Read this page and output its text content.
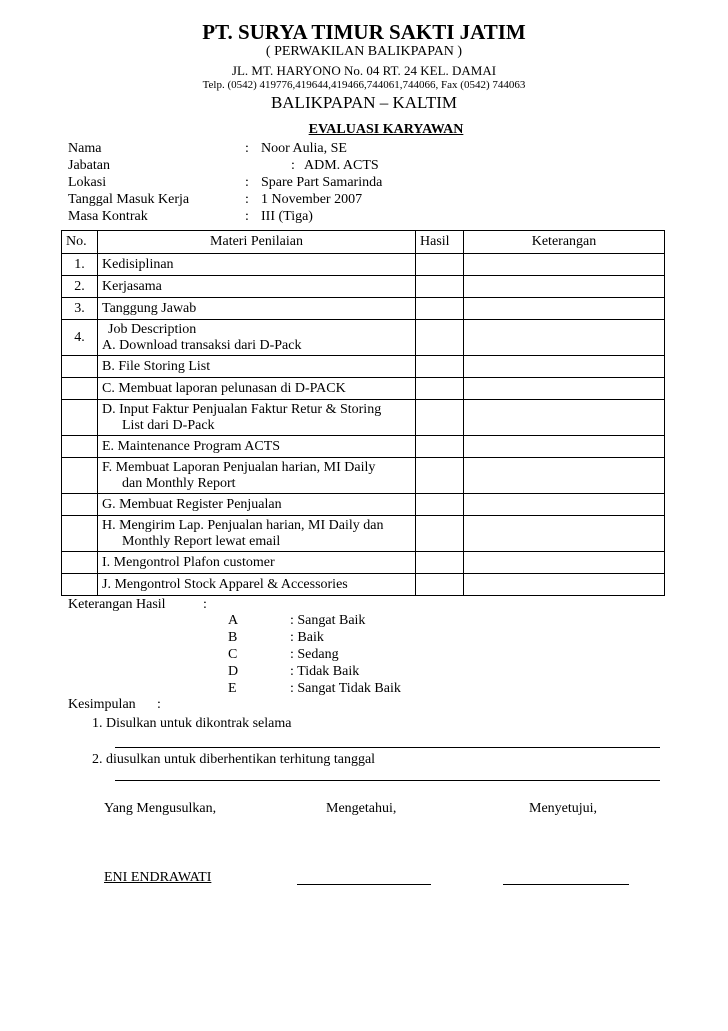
PT. SURYA TIMUR SAKTI JATIM
( PERWAKILAN BALIKPAPAN )
JL. MT. HARYONO No. 04 RT. 24 KEL. DAMAI
Telp. (0542) 419776,419644,419466,744061,744066, Fax (0542) 744063
BALIKPAPAN – KALTIM
EVALUASI KARYAWAN
Nama	: Noor Aulia, SE
Jabatan	: ADM. ACTS
Lokasi	: Spare Part Samarinda
Tanggal Masuk Kerja	: 1 November 2007
Masa Kontrak	: III (Tiga)
No.	Materi Penilaian	Hasil	Keterangan
1.	Kedisiplinan		
2.	Kerjasama		
3.	Tanggung Jawab		
4.	Job Description
A. Download transaksi dari D-Pack		

	B. File Storing List		
	C. Membuat laporan pelunasan di D-PACK		

	D. Input Faktur Penjualan Faktur Retur & Storing
List dari D-Pack		

	E. Maintenance Program ACTS		

	F. Membuat Laporan Penjualan harian, MI Daily
dan Monthly Report		

	G. Membuat Register Penjualan		

	H. Mengirim Lap. Penjualan harian, MI Daily dan
Monthly Report lewat email		

	I. Mengontrol Plafon customer		
	J. Mengontrol Stock Apparel & Accessories		
Keterangan Hasil	:
A	: Sangat Baik
B	: Baik
C	: Sedang
D	: Tidak Baik
E	: Sangat Tidak Baik
Kesimpulan :
1. Disulkan untuk dikontrak selama
2. diusulkan untuk diberhentikan terhitung tanggal
Yang Mengusulkan,	Mengetahui,	Menyetujui,
ENI ENDRAWATI
